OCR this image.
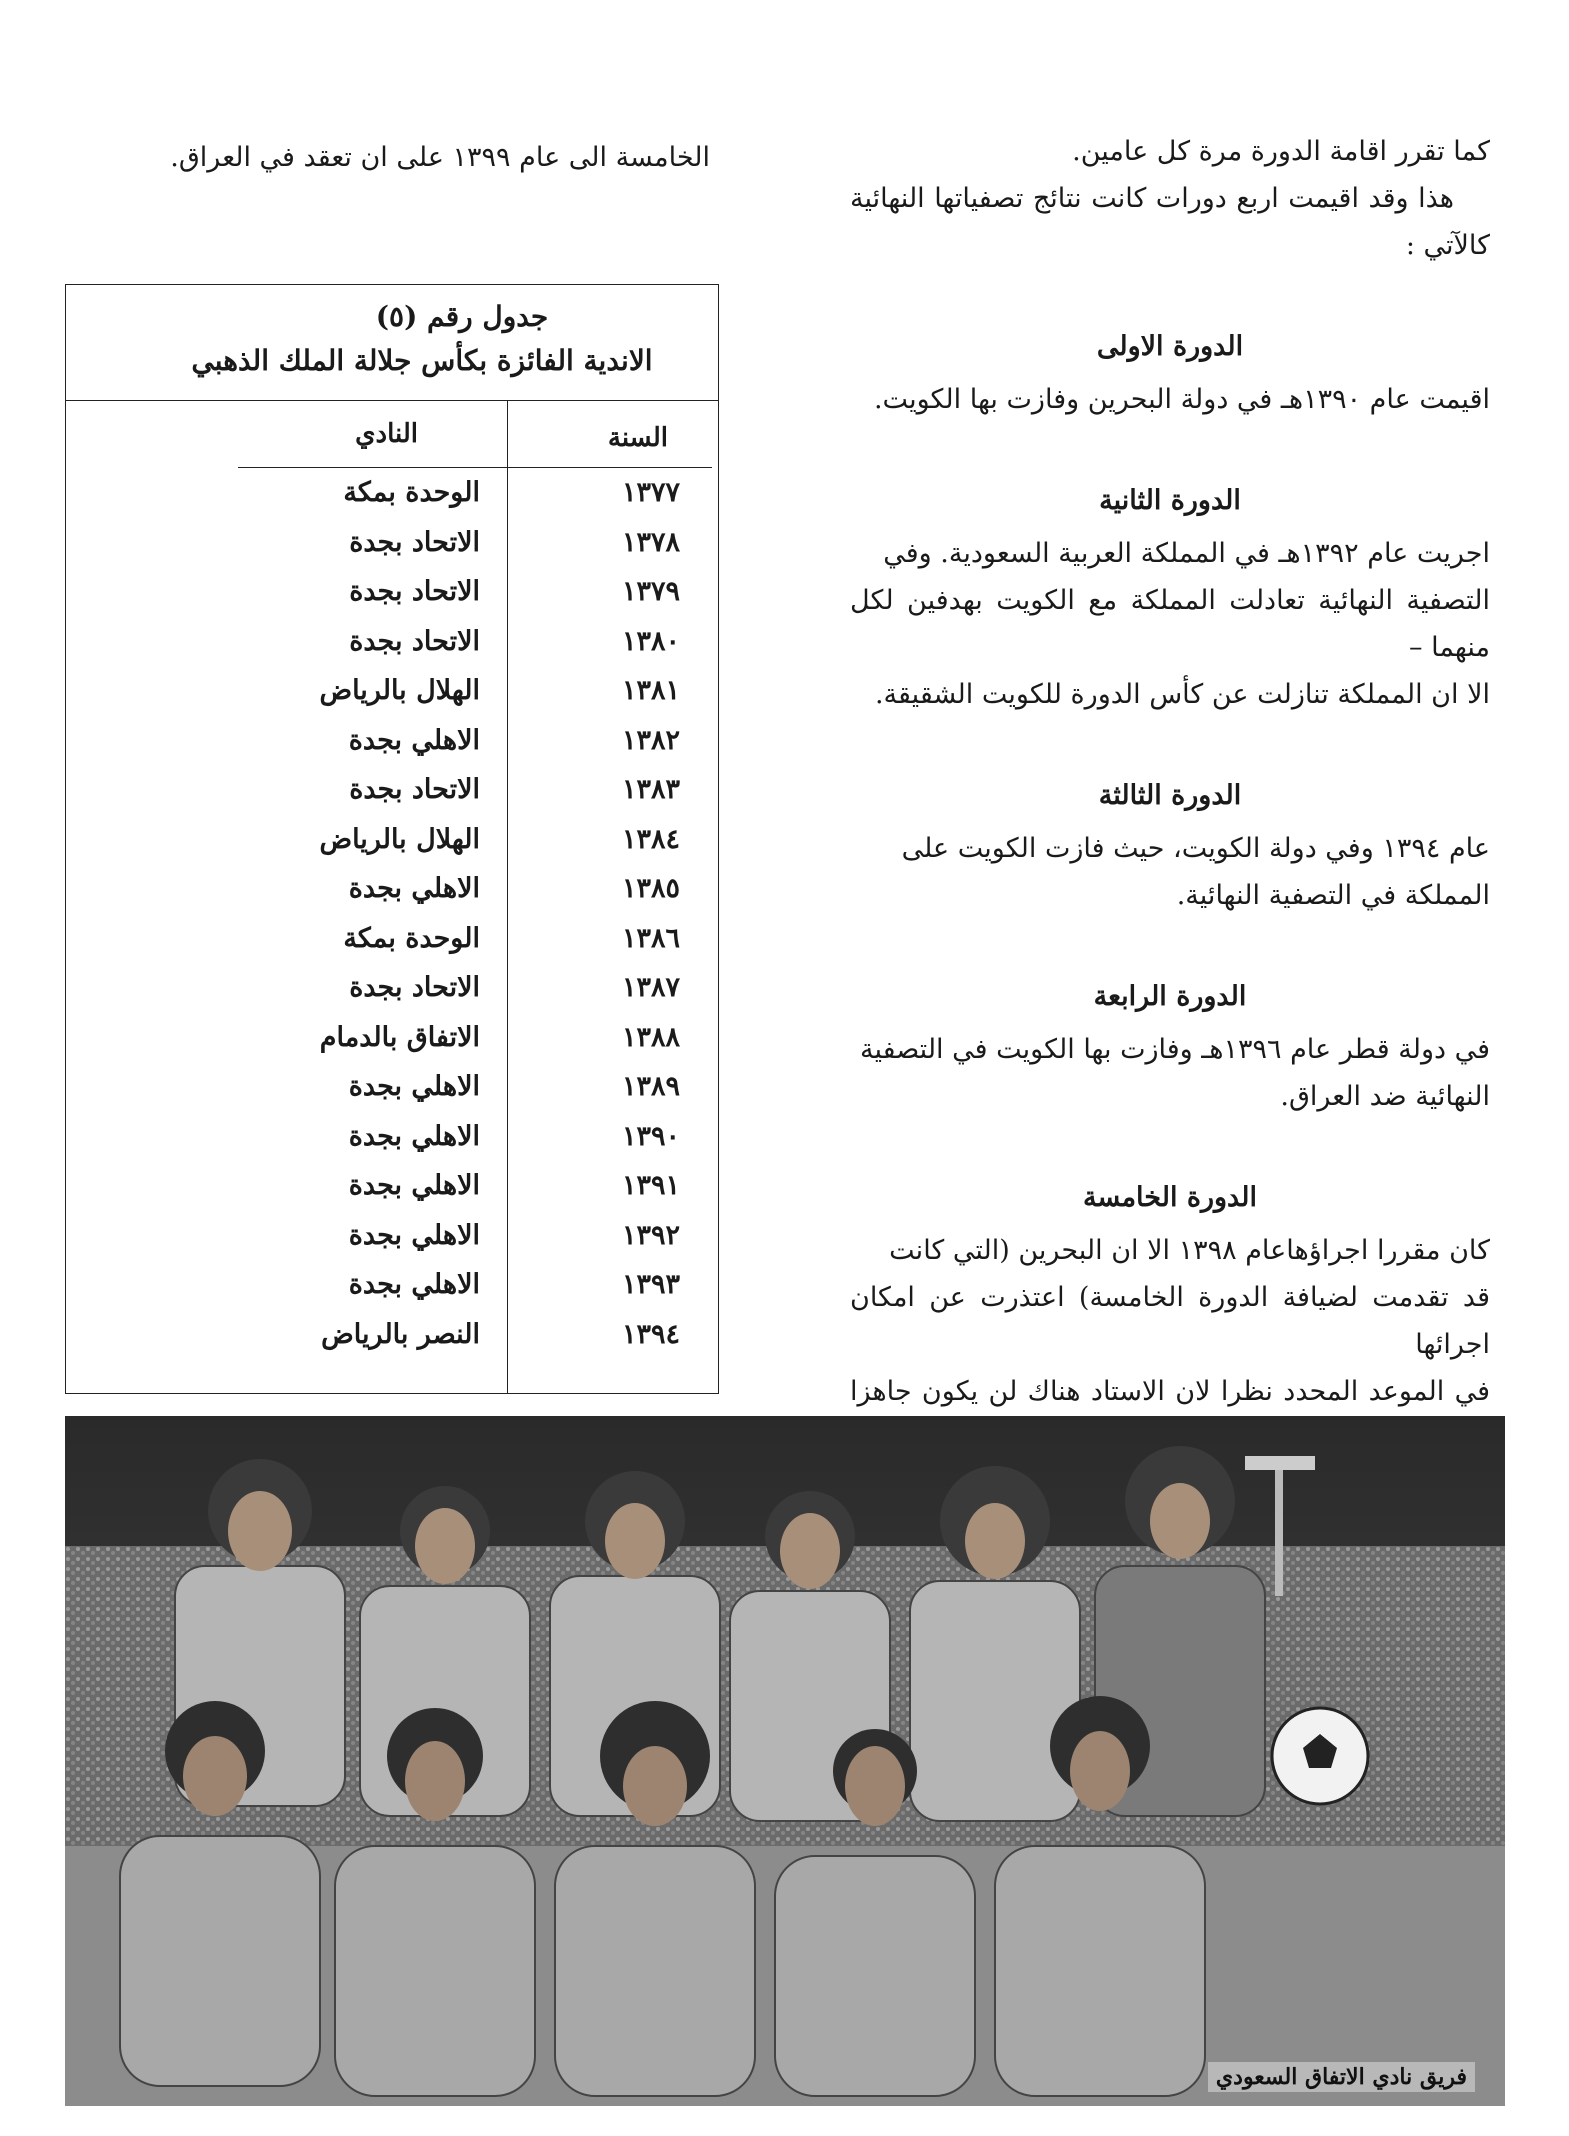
كما تقرر اقامة الدورة مرة كل عامين.

هذا وقد اقيمت اربع دورات كانت نتائج تصفياتها النهائية كالآتي :

الدورة الاولى

اقيمت عام ١٣٩٠هـ في دولة البحرين وفازت بها الكويت.

الدورة الثانية

اجريت عام ١٣٩٢هـ في المملكة العربية السعودية. وفي

التصفية النهائية تعادلت المملكة مع الكويت بهدفين لكل منهما –

الا ان المملكة تنازلت عن كأس الدورة للكويت الشقيقة.

الدورة الثالثة

عام ١٣٩٤ وفي دولة الكويت، حيث فازت الكويت على

المملكة في التصفية النهائية.

الدورة الرابعة

في دولة قطر عام ١٣٩٦هـ وفازت بها الكويت في التصفية

النهائية ضد العراق.

الدورة الخامسة

كان مقررا اجراؤهاعام ١٣٩٨ الا ان البحرين (التي كانت

قد تقدمت لضيافة الدورة الخامسة) اعتذرت عن امكان اجرائها

في الموعد المحدد نظرا لان الاستاد هناك لن يكون جاهزا

الخامسة الى عام ١٣٩٩ على ان تعقد في العراق.
جدول رقم (٥)
الاندية الفائزة بكأس جلالة الملك الذهبي
السنة
النادي
١٣٧٧
الوحدة بمكة
١٣٧٨
الاتحاد بجدة
١٣٧٩
الاتحاد بجدة
١٣٨٠
الاتحاد بجدة
١٣٨١
الهلال بالرياض
١٣٨٢
الاهلي بجدة
١٣٨٣
الاتحاد بجدة
١٣٨٤
الهلال بالرياض
١٣٨٥
الاهلي بجدة
١٣٨٦
الوحدة بمكة
١٣٨٧
الاتحاد بجدة
١٣٨٨
الاتفاق بالدمام
١٣٨٩
الاهلي بجدة
١٣٩٠
الاهلي بجدة
١٣٩١
الاهلي بجدة
١٣٩٢
الاهلي بجدة
١٣٩٣
الاهلي بجدة
١٣٩٤
النصر بالرياض
فريق نادي الاتفاق السعودي
